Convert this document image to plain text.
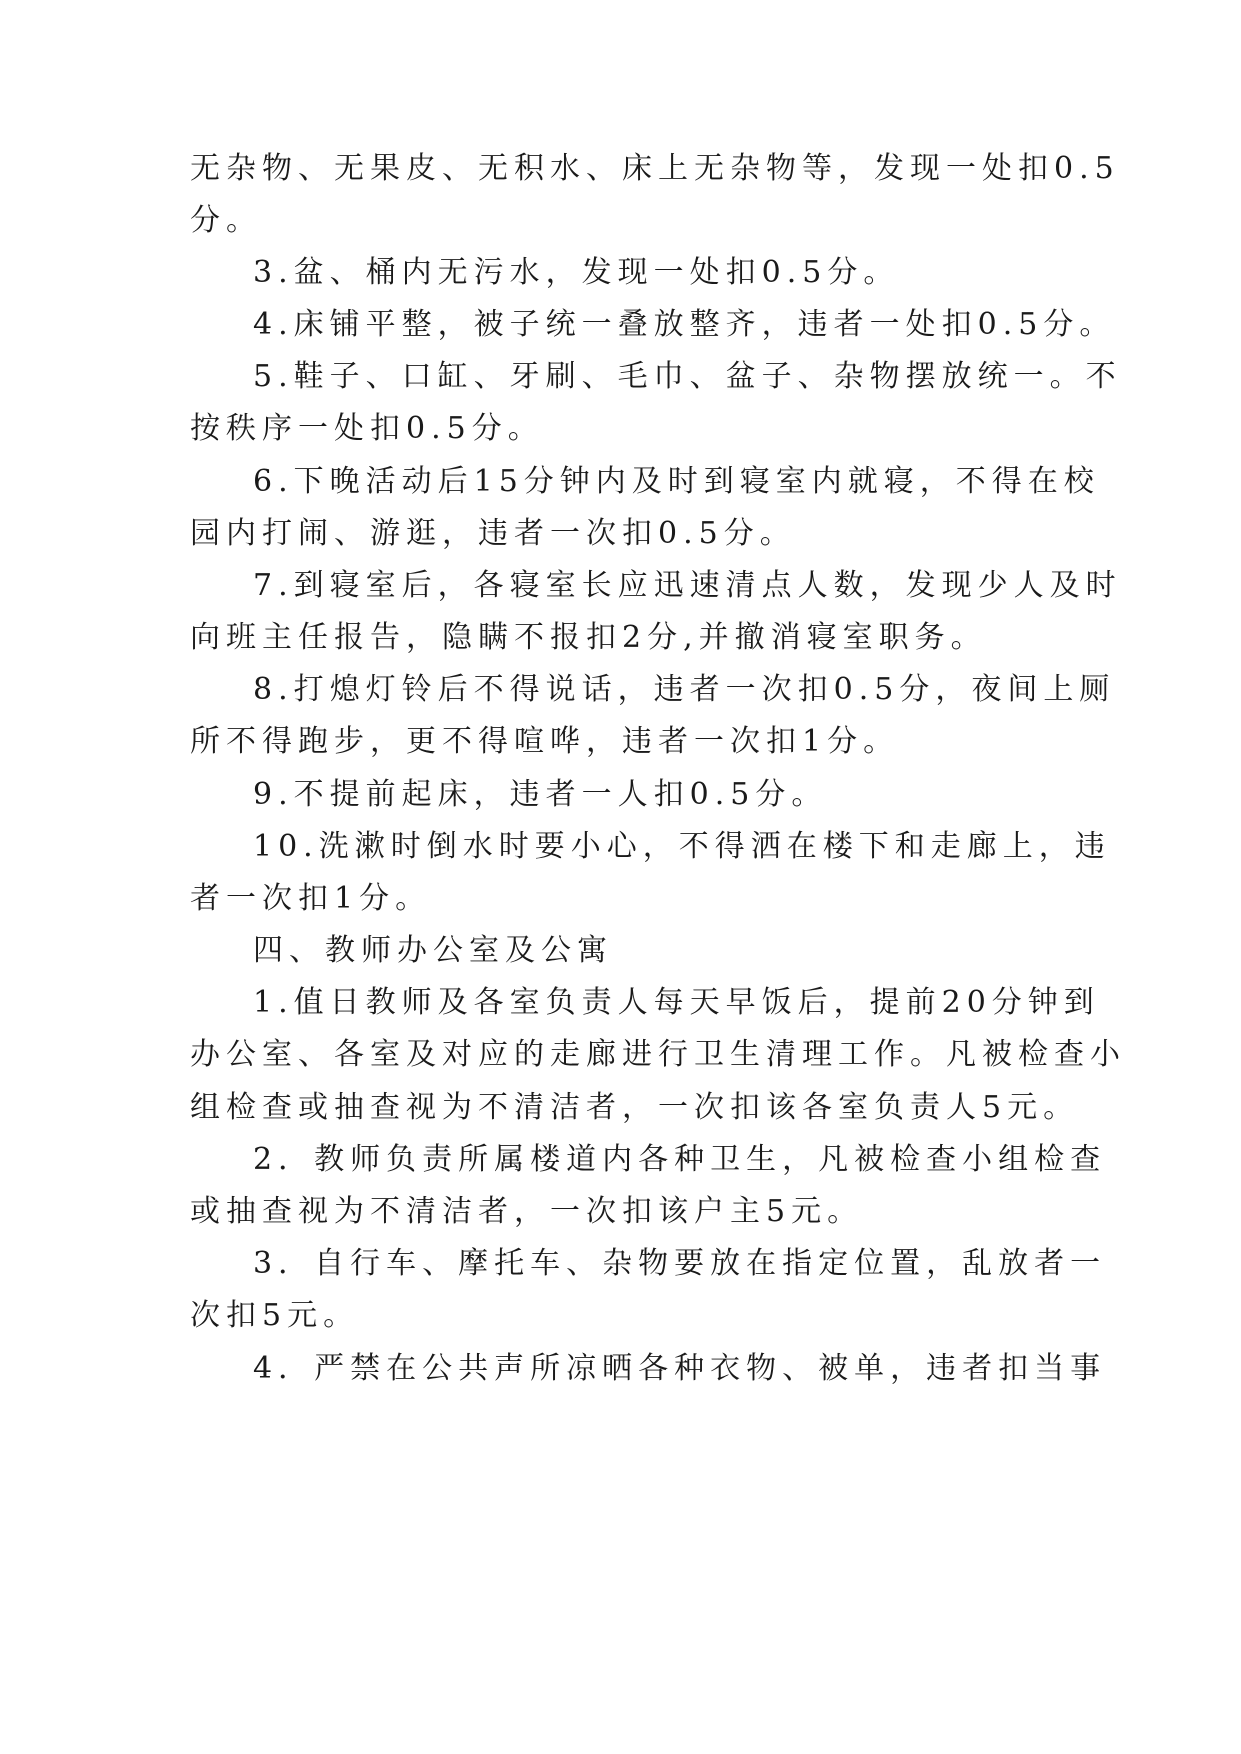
无杂物、无果皮、无积水、床上无杂物等，发现一处扣0.5
分。
3.盆、桶内无污水，发现一处扣0.5分。
4.床铺平整，被子统一叠放整齐，违者一处扣0.5分。
5.鞋子、口缸、牙刷、毛巾、盆子、杂物摆放统一。不
按秩序一处扣0.5分。
6.下晚活动后15分钟内及时到寝室内就寝，不得在校
园内打闹、游逛，违者一次扣0.5分。
7.到寝室后，各寝室长应迅速清点人数，发现少人及时
向班主任报告，隐瞒不报扣2分,并撤消寝室职务。
8.打熄灯铃后不得说话，违者一次扣0.5分，夜间上厕
所不得跑步，更不得喧哗，违者一次扣1分。
9.不提前起床，违者一人扣0.5分。
10.洗漱时倒水时要小心，不得洒在楼下和走廊上，违
者一次扣1分。
四、教师办公室及公寓
1.值日教师及各室负责人每天早饭后，提前20分钟到
办公室、各室及对应的走廊进行卫生清理工作。凡被检查小
组检查或抽查视为不清洁者，一次扣该各室负责人5元。
2．教师负责所属楼道内各种卫生，凡被检查小组检查
或抽查视为不清洁者，一次扣该户主5元。
3．自行车、摩托车、杂物要放在指定位置，乱放者一
次扣5元。
4．严禁在公共声所凉晒各种衣物、被单，违者扣当事
